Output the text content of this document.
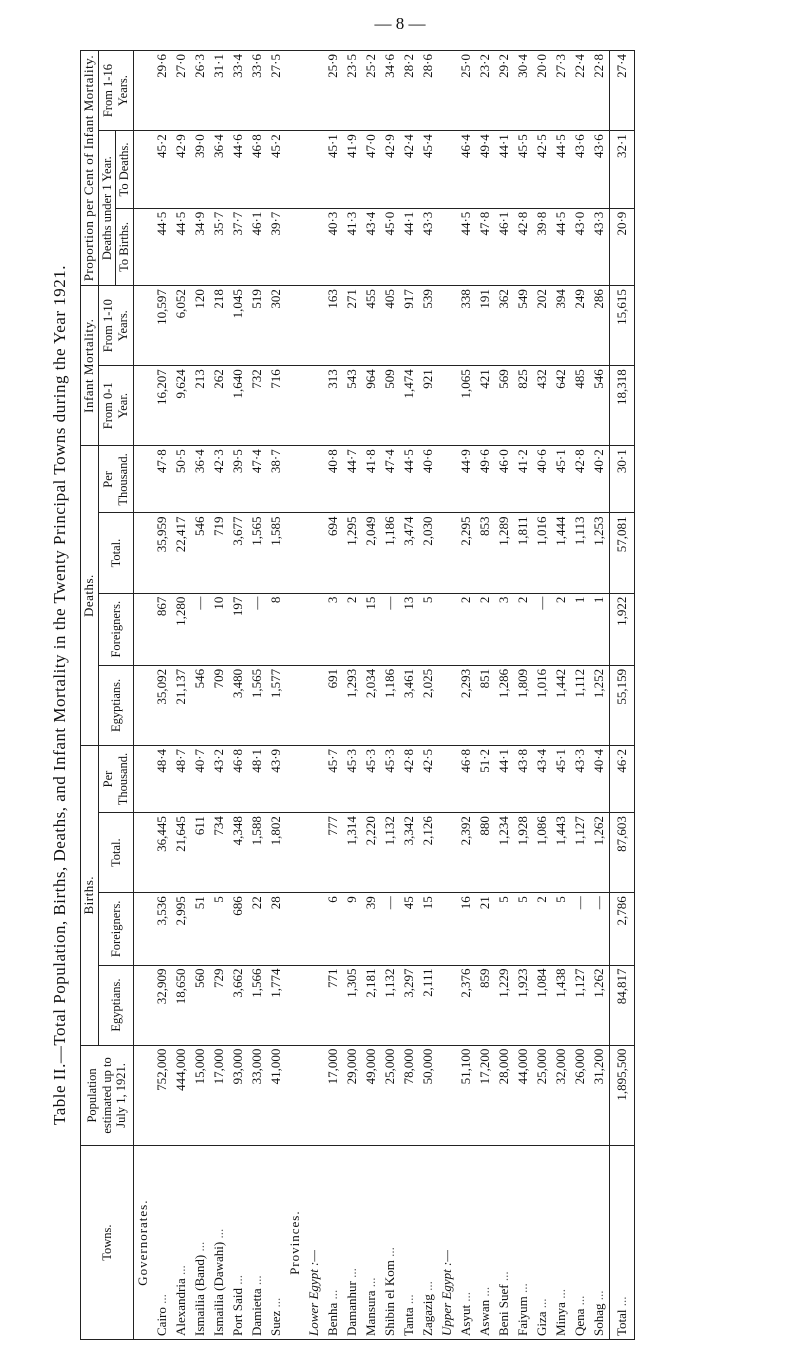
— 8 —
Table II.—Total Population, Births, Deaths, and Infant Mortality in the Twenty Principal Towns during the Year 1921.
Towns.	Population estimated up to July 1, 1921.	Births.				Deaths.				Infant Mortality.		Proportion per Cent of Infant Mortality.		
		Egyptians.	Foreigners.	Total.	Per Thousand.	Egyptians.	Foreigners.	Total.	Per Thousand.	From 0-1 Year.	From 1-10 Years.	Deaths under 1 Year.		From 1-16 Years.
												To Births.	To Deaths.	
Governorates.														
Cairo ...	752,000	32,909	3,536	36,445	48·4	35,092	867	35,959	47·8	16,207	10,597	44·5	45·2	29·6
Alexandria ...	444,000	18,650	2,995	21,645	48·7	21,137	1,280	22,417	50·5	9,624	6,052	44·5	42·9	27·0
Ismailia (Band) ...	15,000	560	51	611	40·7	546	—	546	36·4	213	120	34·9	39·0	26·3
Ismailia (Dawahi) ...	17,000	729	5	734	43·2	709	10	719	42·3	262	218	35·7	36·4	31·1
Port Said ...	93,000	3,662	686	4,348	46·8	3,480	197	3,677	39·5	1,640	1,045	37·7	44·6	33·4
Damietta ...	33,000	1,566	22	1,588	48·1	1,565	—	1,565	47·4	732	519	46·1	46·8	33·6
Suez ...	41,000	1,774	28	1,802	43·9	1,577	8	1,585	38·7	716	302	39·7	45·2	27·5
Provinces.														
Lower Egypt :—														
Benha ...	17,000	771	6	777	45·7	691	3	694	40·8	313	163	40·3	45·1	25·9
Damanhur ...	29,000	1,305	9	1,314	45·3	1,293	2	1,295	44·7	543	271	41·3	41·9	23·5
Mansura ...	49,000	2,181	39	2,220	45·3	2,034	15	2,049	41·8	964	455	43·4	47·0	25·2
Shibin el Kom ...	25,000	1,132	—	1,132	45·3	1,186	—	1,186	47·4	509	405	45·0	42·9	34·6
Tanta ...	78,000	3,297	45	3,342	42·8	3,461	13	3,474	44·5	1,474	917	44·1	42·4	28·2
Zagazig ...	50,000	2,111	15	2,126	42·5	2,025	5	2,030	40·6	921	539	43·3	45·4	28·6
Upper Egypt :—														
Asyut ...	51,100	2,376	16	2,392	46·8	2,293	2	2,295	44·9	1,065	338	44·5	46·4	25·0
Aswan ...	17,200	859	21	880	51·2	851	2	853	49·6	421	191	47·8	49·4	23·2
Beni Suef ...	28,000	1,229	5	1,234	44·1	1,286	3	1,289	46·0	569	362	46·1	44·1	29·2
Faiyum ...	44,000	1,923	5	1,928	43·8	1,809	2	1,811	41·2	825	549	42·8	45·5	30·4
Giza ...	25,000	1,084	2	1,086	43·4	1,016	—	1,016	40·6	432	202	39·8	42·5	20·0
Minya ...	32,000	1,438	5	1,443	45·1	1,442	2	1,444	45·1	642	394	44·5	44·5	27·3
Qena ...	26,000	1,127	—	1,127	43·3	1,112	1	1,113	42·8	485	249	43·0	43·6	22·4
Sohag ...	31,200	1,262	—	1,262	40·4	1,252	1	1,253	40·2	546	286	43·3	43·6	22·8
Total ...	1,895,500	84,817	2,786	87,603	46·2	55,159	1,922	57,081	30·1	18,318	15,615	20·9	32·1	27·4
